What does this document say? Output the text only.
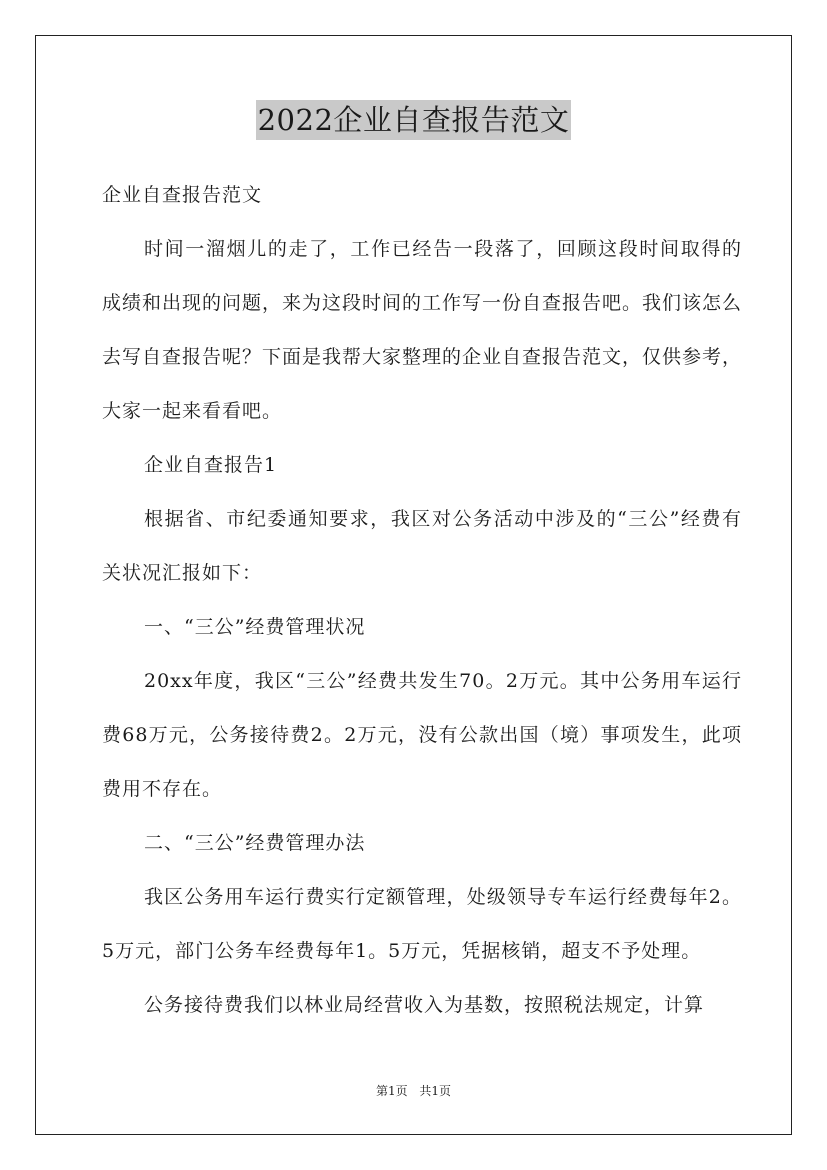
2022企业自查报告范文

企业自查报告范文

时间一溜烟儿的走了，工作已经告一段落了，回顾这段时间取得的成绩和出现的问题，来为这段时间的工作写一份自查报告吧。我们该怎么去写自查报告呢？下面是我帮大家整理的企业自查报告范文，仅供参考，大家一起来看看吧。

企业自查报告1

根据省、市纪委通知要求，我区对公务活动中涉及的“三公”经费有关状况汇报如下：

一、“三公”经费管理状况

20xx年度，我区“三公”经费共发生70。2万元。其中公务用车运行费68万元，公务接待费2。2万元，没有公款出国（境）事项发生，此项费用不存在。

二、“三公”经费管理办法

我区公务用车运行费实行定额管理，处级领导专车运行经费每年2。5万元，部门公务车经费每年1。5万元，凭据核销，超支不予处理。

公务接待费我们以林业局经营收入为基数，按照税法规定，计算

第1页 共1页
